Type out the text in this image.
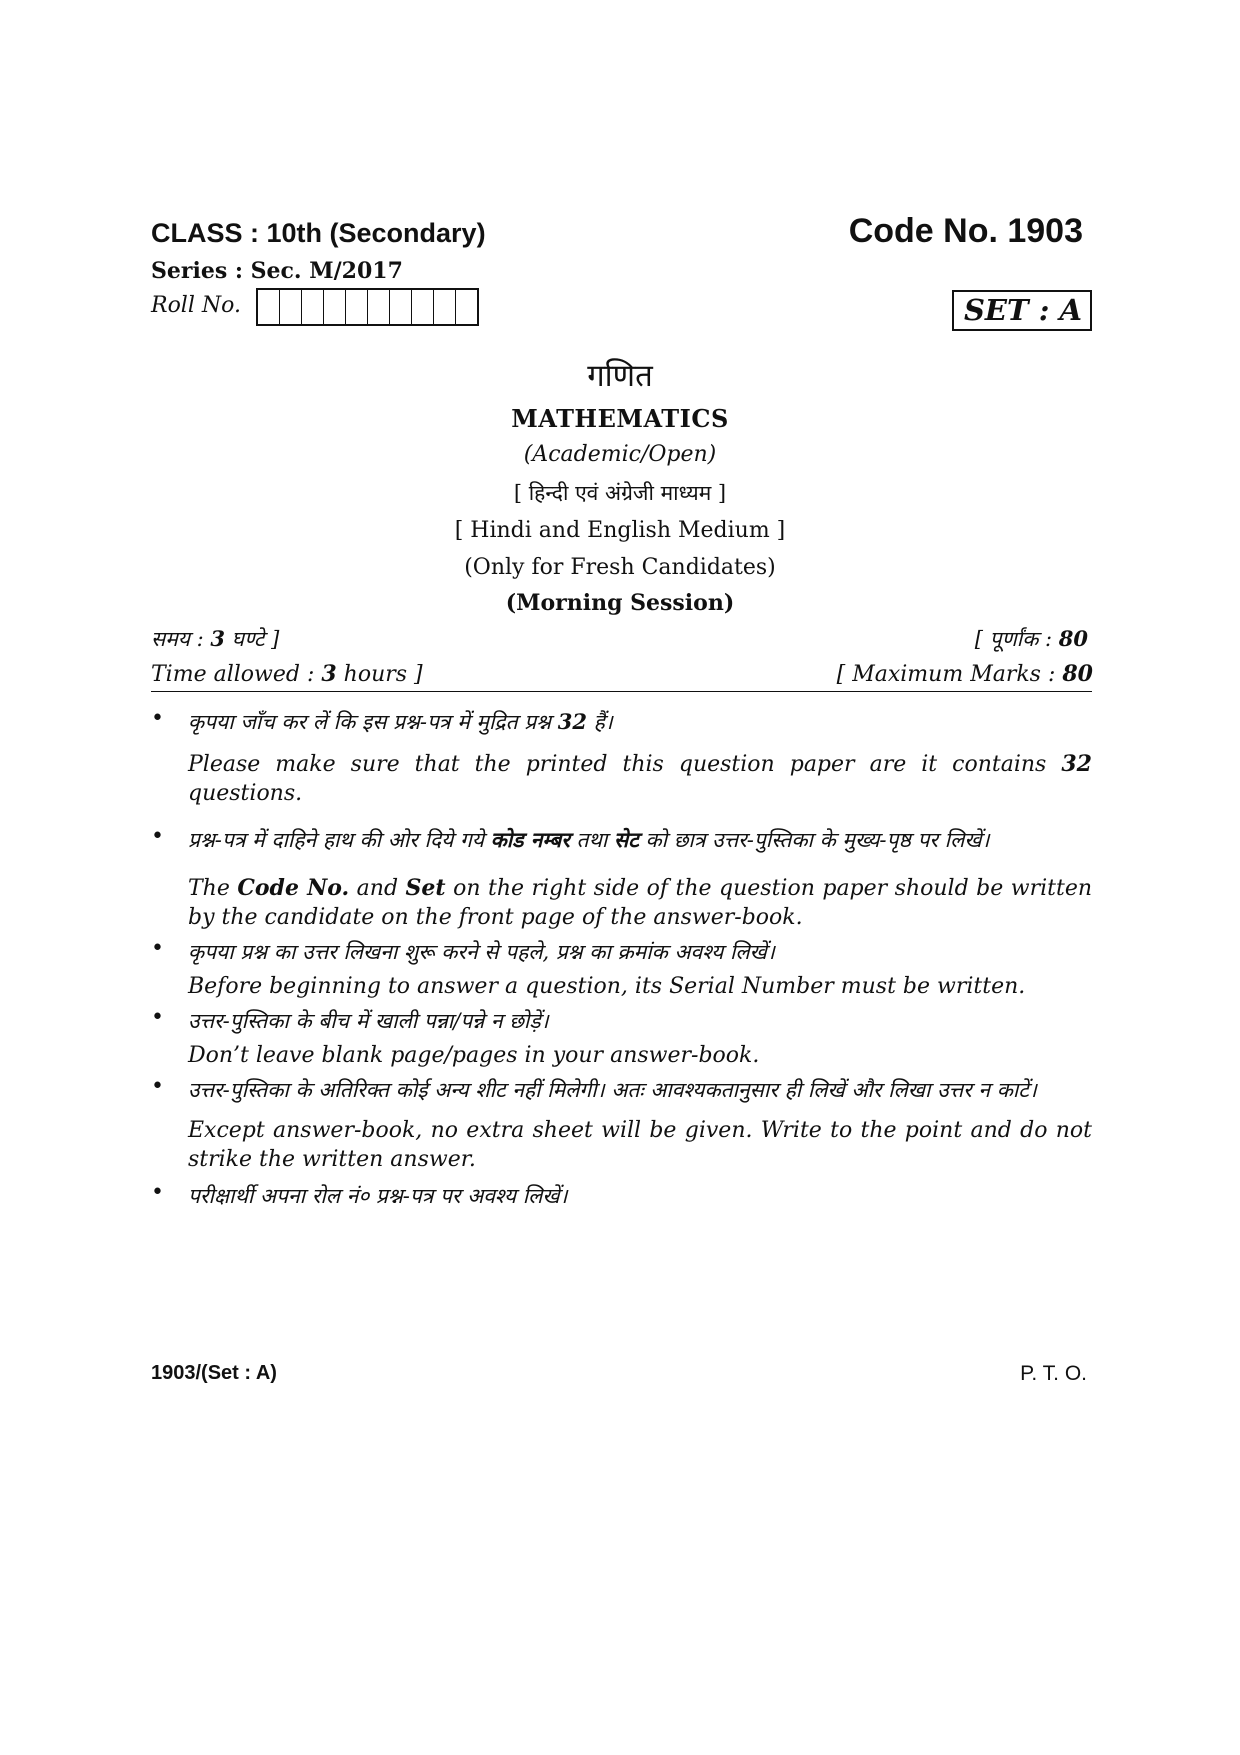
CLASS : 10th (Secondary)	Code No. 1903
Series : Sec. M/2017
Roll No.	SET : A
गणित
MATHEMATICS
(Academic/Open)
[ हिन्दी एवं अंग्रेजी माध्यम ]
[ Hindi and English Medium ]
(Only for Fresh Candidates)
(Morning Session)
समय : 3 घण्टे ]	[ पूर्णांक : 80
Time allowed : 3 hours ]	[ Maximum Marks : 80
• कृपया जाँच कर लें कि इस प्रश्न-पत्र में मुद्रित प्रश्न 32 हैं।

Please make sure that the printed this question paper are it contains 32 questions.

• प्रश्न-पत्र में दाहिने हाथ की ओर दिये गये कोड नम्बर तथा सेट को छात्र उत्तर-पुस्तिका के मुख्य-पृष्ठ पर लिखें।

The Code No. and Set on the right side of the question paper should be written by the candidate on the front page of the answer-book.

• कृपया प्रश्न का उत्तर लिखना शुरू करने से पहले, प्रश्न का क्रमांक अवश्य लिखें।

Before beginning to answer a question, its Serial Number must be written.

• उत्तर-पुस्तिका के बीच में खाली पन्ना/पन्ने न छोड़ें।

Don’t leave blank page/pages in your answer-book.

• उत्तर-पुस्तिका के अतिरिक्त कोई अन्य शीट नहीं मिलेगी। अतः आवश्यकतानुसार ही लिखें और लिखा उत्तर न काटें।

Except answer-book, no extra sheet will be given. Write to the point and do not strike the written answer.

• परीक्षार्थी अपना रोल नं० प्रश्न-पत्र पर अवश्य लिखें।

1903/(Set : A)	P. T. O.
